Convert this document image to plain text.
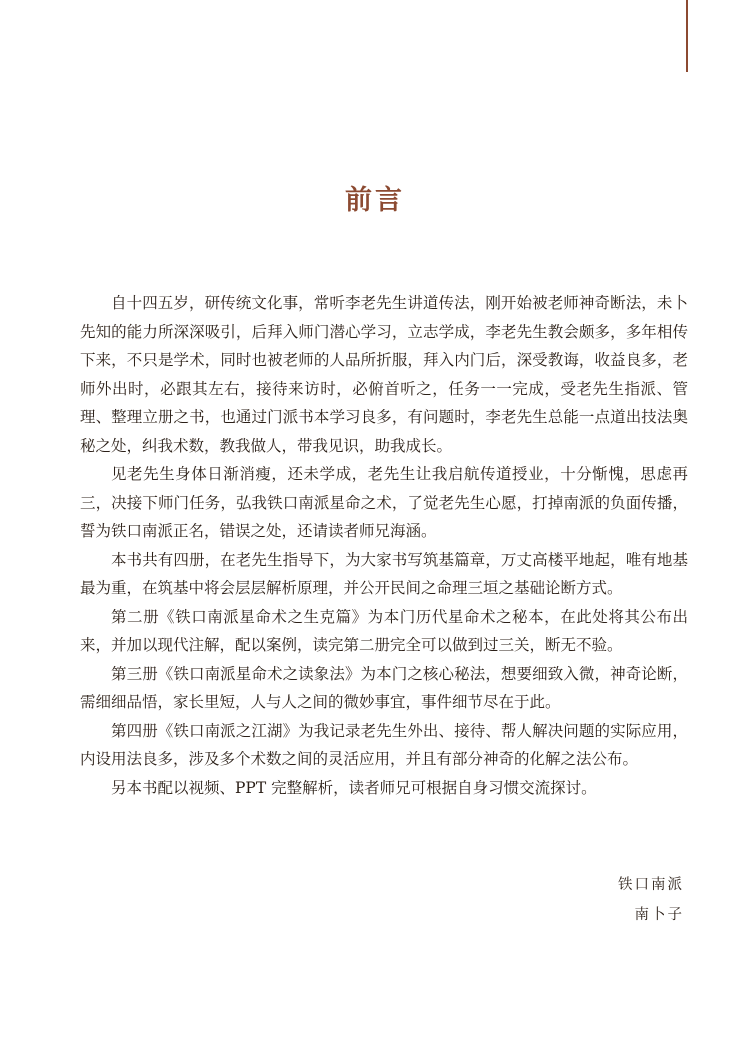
前言

自十四五岁，研传统文化事，常听李老先生讲道传法，刚开始被老师神奇断法，未卜先知的能力所深深吸引，后拜入师门潜心学习，立志学成，李老先生教会颇多，多年相传下来，不只是学术，同时也被老师的人品所折服，拜入内门后，深受教诲，收益良多，老师外出时，必跟其左右，接待来访时，必俯首听之，任务一一完成，受老先生指派、管理、整理立册之书，也通过门派书本学习良多，有问题时，李老先生总能一点道出技法奥秘之处，纠我术数，教我做人，带我见识，助我成长。

见老先生身体日渐消瘦，还未学成，老先生让我启航传道授业，十分惭愧，思虑再三，决接下师门任务，弘我铁口南派星命之术，了觉老先生心愿，打掉南派的负面传播，誓为铁口南派正名，错误之处，还请读者师兄海涵。

本书共有四册，在老先生指导下，为大家书写筑基篇章，万丈高楼平地起，唯有地基最为重，在筑基中将会层层解析原理，并公开民间之命理三垣之基础论断方式。

第二册《铁口南派星命术之生克篇》为本门历代星命术之秘本，在此处将其公布出来，并加以现代注解，配以案例，读完第二册完全可以做到过三关，断无不验。

第三册《铁口南派星命术之读象法》为本门之核心秘法，想要细致入微，神奇论断，需细细品悟，家长里短，人与人之间的微妙事宜，事件细节尽在于此。

第四册《铁口南派之江湖》为我记录老先生外出、接待、帮人解决问题的实际应用，内设用法良多，涉及多个术数之间的灵活应用，并且有部分神奇的化解之法公布。

另本书配以视频、PPT 完整解析，读者师兄可根据自身习惯交流探讨。

铁口南派
南卜子
